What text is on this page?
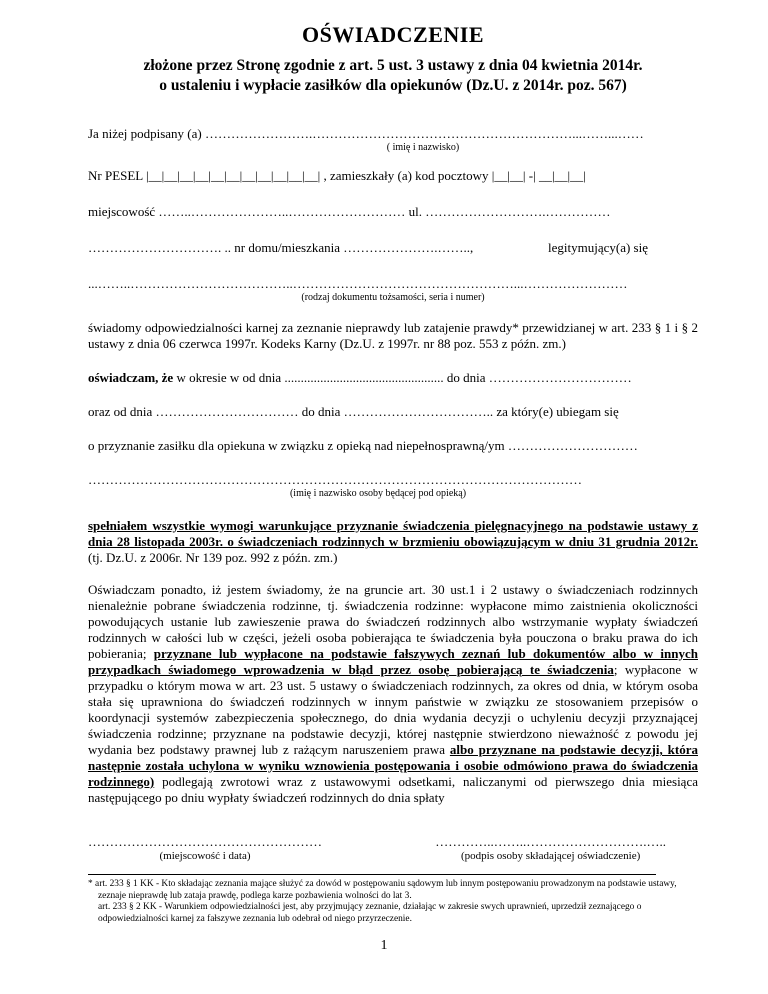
OŚWIADCZENIE

złożone przez Stronę zgodnie z art. 5 ust. 3 ustawy z dnia 04 kwietnia 2014r.

o ustaleniu i wypłacie zasiłków dla opiekunów (Dz.U. z 2014r. poz. 567)

Ja niżej podpisany (a) …………………….……………………………………………………...……...……
( imię i nazwisko)
Nr PESEL |__|__|__|__|__|__|__|__|__|__|__| , zamieszkały (a) kod pocztowy |__|__| -| __|__|__|
miejscowość ……..…………………..……………………… ul. ……………………….……………
…………………………. .. nr domu/mieszkania ………………….……..,	legitymujący(a) się
...……..………………………………..……………………………………………...……………………
(rodzaj dokumentu tożsamości, seria i numer)

świadomy odpowiedzialności karnej za zeznanie nieprawdy lub zatajenie prawdy* przewidzianej w art. 233 § 1 i § 2 ustawy z dnia 06 czerwca 1997r. Kodeks Karny (Dz.U. z 1997r. nr 88 poz. 553 z późn. zm.)

oświadczam, że w okresie w od dnia ................................................. do dnia ……………………………
oraz od dnia …………………………… do dnia …………………………….. za który(e) ubiegam się
o przyznanie zasiłku dla opiekuna w związku z opieką nad niepełnosprawną/ym …………………………
……………………………………………………………………………………………………
(imię i nazwisko osoby będącej pod opieką)

spełniałem wszystkie wymogi warunkujące przyznanie świadczenia pielęgnacyjnego na podstawie ustawy z dnia 28 listopada 2003r. o świadczeniach rodzinnych w brzmieniu obowiązującym w dniu 31 grudnia 2012r. (tj. Dz.U. z 2006r. Nr 139 poz. 992 z późn. zm.)

Oświadczam ponadto, iż jestem świadomy, że na gruncie art. 30 ust.1 i 2 ustawy o świadczeniach rodzinnych nienależnie pobrane świadczenia rodzinne, tj. świadczenia rodzinne: wypłacone mimo zaistnienia okoliczności powodujących ustanie lub zawieszenie prawa do świadczeń rodzinnych albo wstrzymanie wypłaty świadczeń rodzinnych w całości lub w części, jeżeli osoba pobierająca te świadczenia była pouczona o braku prawa do ich pobierania; przyznane lub wypłacone na podstawie fałszywych zeznań lub dokumentów albo w innych przypadkach świadomego wprowadzenia w błąd przez osobę pobierającą te świadczenia; wypłacone w przypadku o którym mowa w art. 23 ust. 5 ustawy o świadczeniach rodzinnych, za okres od dnia, w którym osoba stała się uprawniona do świadczeń rodzinnych w innym państwie w związku ze stosowaniem przepisów o koordynacji systemów zabezpieczenia społecznego, do dnia wydania decyzji o uchyleniu decyzji przyznającej świadczenia rodzinne; przyznane na podstawie decyzji, której następnie stwierdzono nieważność z powodu jej wydania bez podstawy prawnej lub z rażącym naruszeniem prawa albo przyznane na podstawie decyzji, która następnie została uchylona w wyniku wznowienia postępowania i osobie odmówiono prawa do świadczenia rodzinnego) podlegają zwrotowi wraz z ustawowymi odsetkami, naliczanymi od pierwszego dnia miesiąca następującego po dniu wypłaty świadczeń rodzinnych do dnia spłaty

………………………………………………
(miejscowość i data)
…………..……..……………………….…..
(podpis osoby składającej oświadczenie)
* art. 233 § 1 KK - Kto składając zeznania mające służyć za dowód w postępowaniu sądowym lub innym postępowaniu prowadzonym na podstawie ustawy, zeznaje nieprawdę lub zataja prawdę, podlega karze pozbawienia wolności do lat 3.
art. 233 § 2 KK - Warunkiem odpowiedzialności jest, aby przyjmujący zeznanie, działając w zakresie swych uprawnień, uprzedził zeznającego o odpowiedzialności karnej za fałszywe zeznania lub odebrał od niego przyrzeczenie.
1
